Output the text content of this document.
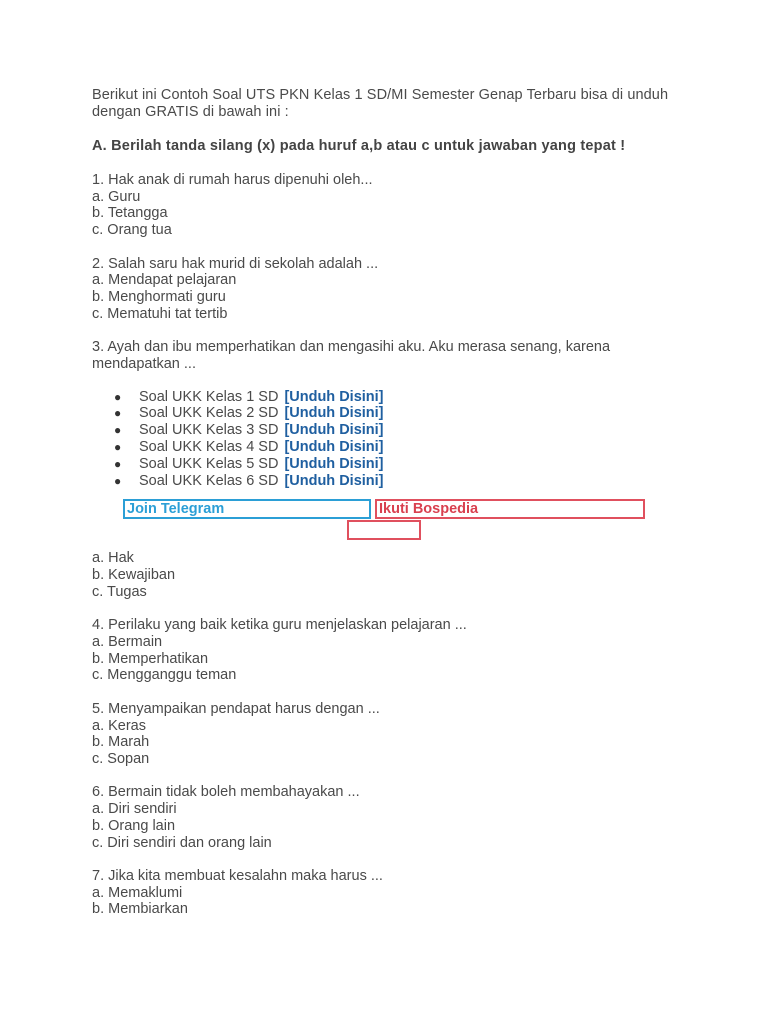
Berikut ini Contoh Soal UTS PKN Kelas 1 SD/MI Semester Genap Terbaru bisa di unduh dengan GRATIS di bawah ini :

A. Berilah tanda silang (x) pada huruf a,b atau c untuk jawaban yang tepat !
1. Hak anak di rumah harus dipenuhi oleh...
a. Guru
b. Tetangga
c. Orang tua
2. Salah saru hak murid di sekolah adalah ...
a. Mendapat pelajaran
b. Menghormati guru
c. Mematuhi tat tertib
3. Ayah dan ibu memperhatikan dan mengasihi aku. Aku merasa senang, karena mendapatkan ...
● Soal UKK Kelas 1 SD [Unduh Disini]
● Soal UKK Kelas 2 SD [Unduh Disini]
● Soal UKK Kelas 3 SD [Unduh Disini]
● Soal UKK Kelas 4 SD [Unduh Disini]
● Soal UKK Kelas 5 SD [Unduh Disini]
● Soal UKK Kelas 6 SD [Unduh Disini]
Join Telegram	Ikuti Bospedia
a. Hak
b. Kewajiban
c. Tugas
4. Perilaku yang baik ketika guru menjelaskan pelajaran ...
a. Bermain
b. Memperhatikan
c. Mengganggu teman
5. Menyampaikan pendapat harus dengan ...
a. Keras
b. Marah
c. Sopan
6. Bermain tidak boleh membahayakan ...
a. Diri sendiri
b. Orang lain
c. Diri sendiri dan orang lain
7. Jika kita membuat kesalahn maka harus ...
a. Memaklumi
b. Membiarkan
